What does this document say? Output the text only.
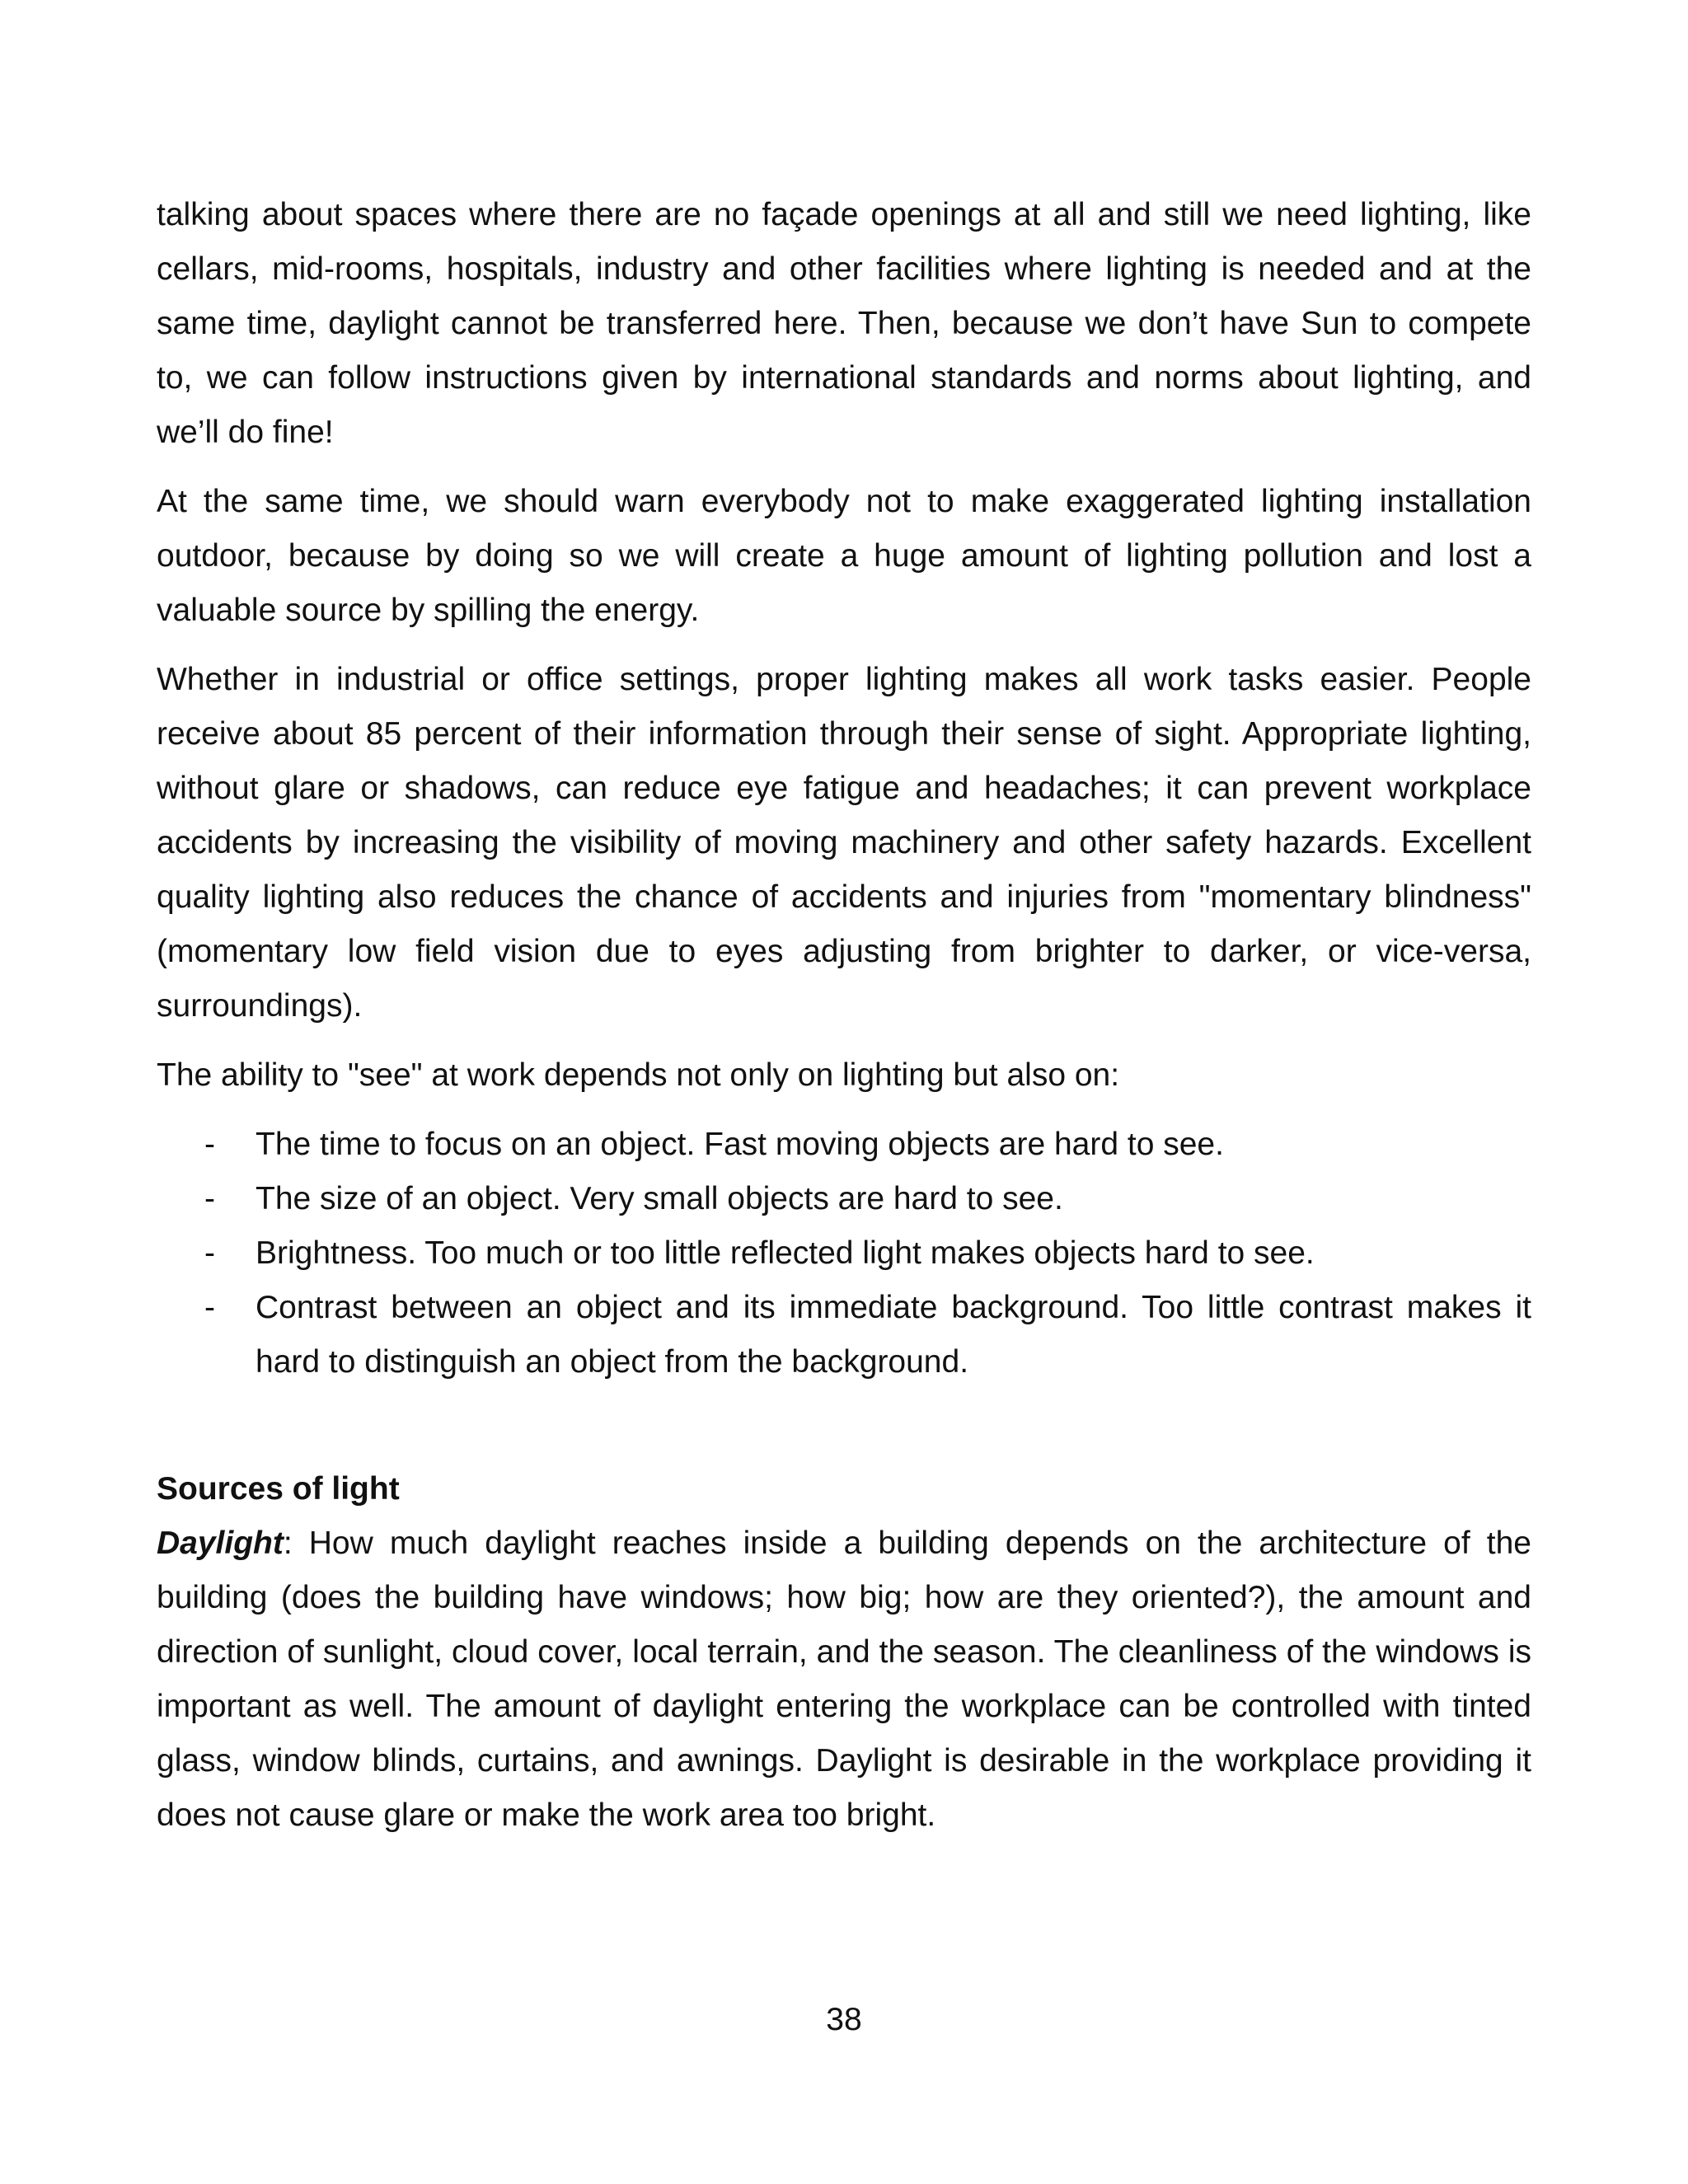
talking about spaces where there are no façade openings at all and still we need lighting, like cellars, mid-rooms, hospitals, industry and other facilities where lighting is needed and at the same time, daylight cannot be transferred here. Then, because we don’t have Sun to compete to, we can follow instructions given by international standards and norms about lighting, and we’ll do fine!

At the same time, we should warn everybody not to make exaggerated lighting installation outdoor, because by doing so we will create a huge amount of lighting pollution and lost a valuable source by spilling the energy.

Whether in industrial or office settings, proper lighting makes all work tasks easier. People receive about 85 percent of their information through their sense of sight. Appropriate lighting, without glare or shadows, can reduce eye fatigue and headaches; it can prevent workplace accidents by increasing the visibility of moving machinery and other safety hazards. Excellent quality lighting also reduces the chance of accidents and injuries from "momentary blindness" (momentary low field vision due to eyes adjusting from brighter to darker, or vice-versa, surroundings).

The ability to "see" at work depends not only on lighting but also on:

- The time to focus on an object. Fast moving objects are hard to see.
- The size of an object. Very small objects are hard to see.
- Brightness. Too much or too little reflected light makes objects hard to see.
- Contrast between an object and its immediate background. Too little contrast makes it hard to distinguish an object from the background.
Sources of light

Daylight: How much daylight reaches inside a building depends on the architecture of the building (does the building have windows; how big; how are they oriented?), the amount and direction of sunlight, cloud cover, local terrain, and the season. The cleanliness of the windows is important as well. The amount of daylight entering the workplace can be controlled with tinted glass, window blinds, curtains, and awnings. Daylight is desirable in the workplace providing it does not cause glare or make the work area too bright.

38
